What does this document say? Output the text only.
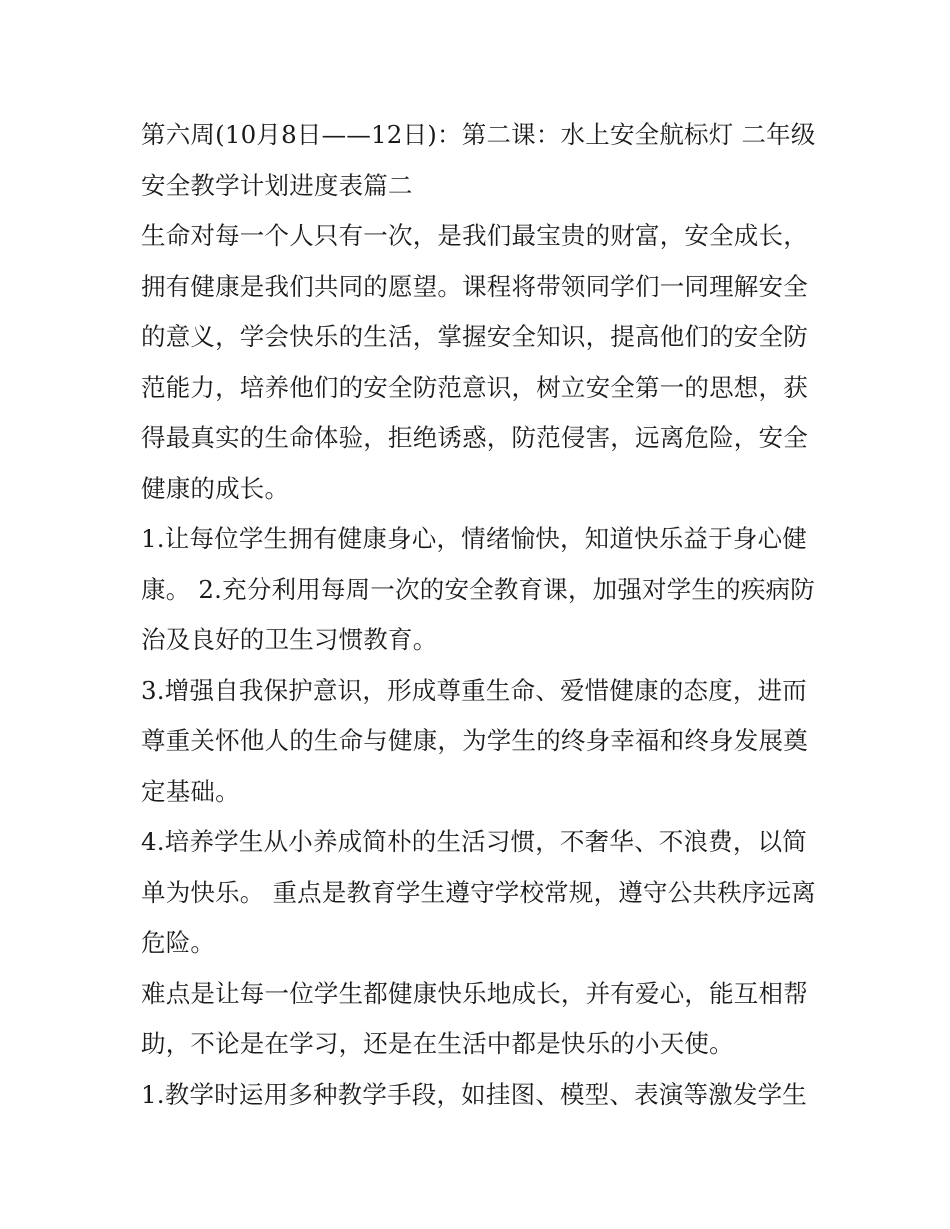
第六周(10月8日——12日)：第二课：水上安全航标灯 二年级安全教学计划进度表篇二

生命对每一个人只有一次，是我们最宝贵的财富，安全成长，拥有健康是我们共同的愿望。课程将带领同学们一同理解安全的意义，学会快乐的生活，掌握安全知识，提高他们的安全防范能力，培养他们的安全防范意识，树立安全第一的思想，获得最真实的生命体验，拒绝诱惑，防范侵害，远离危险，安全健康的成长。

1.让每位学生拥有健康身心，情绪愉快，知道快乐益于身心健康。 2.充分利用每周一次的安全教育课，加强对学生的疾病防治及良好的卫生习惯教育。

3.增强自我保护意识，形成尊重生命、爱惜健康的态度，进而尊重关怀他人的生命与健康，为学生的终身幸福和终身发展奠定基础。

4.培养学生从小养成简朴的生活习惯，不奢华、不浪费，以简单为快乐。 重点是教育学生遵守学校常规，遵守公共秩序远离危险。

难点是让每一位学生都健康快乐地成长，并有爱心，能互相帮助，不论是在学习，还是在生活中都是快乐的小天使。

1.教学时运用多种教学手段，如挂图、模型、表演等激发学生
